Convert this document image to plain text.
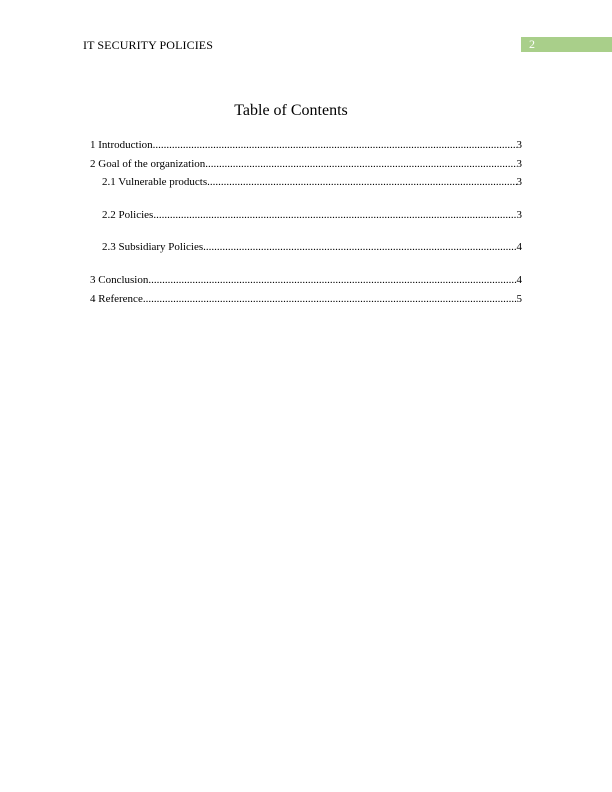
IT SECURITY POLICIES	2
Table of Contents
1 Introduction .....	3
2 Goal of the organization .....	3
2.1 Vulnerable products .....	3
2.2 Policies .....	3
2.3 Subsidiary Policies .....	4
3 Conclusion .....	4
4 Reference .....	5
